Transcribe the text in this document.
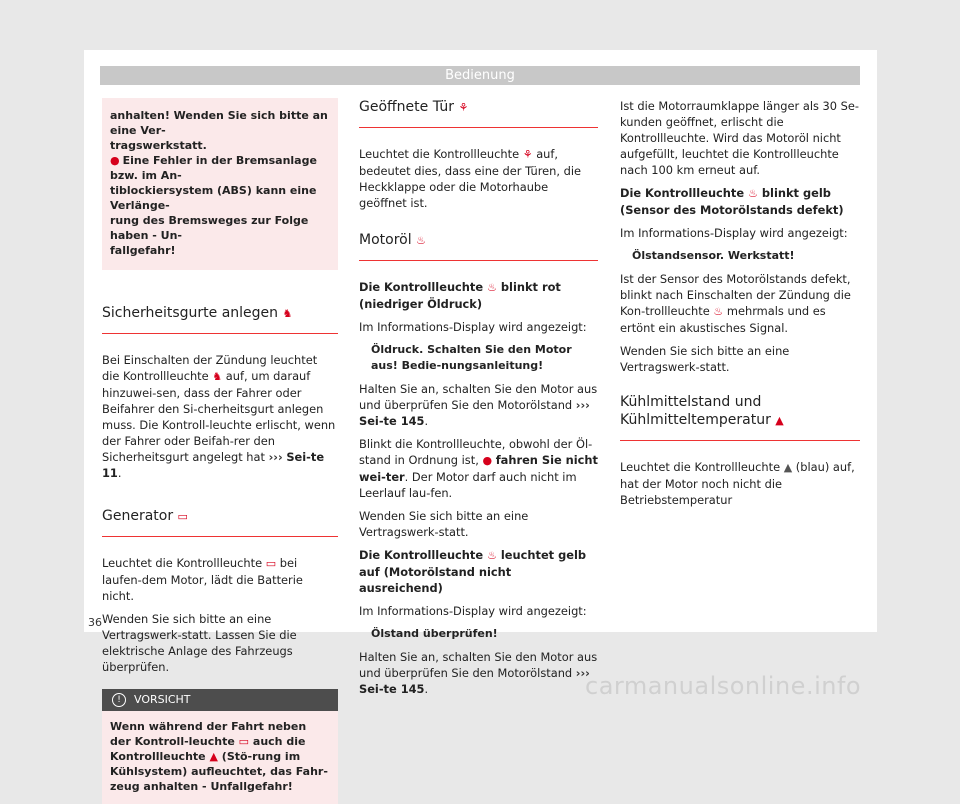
Bedienung
anhalten! Wenden Sie sich bitte an eine Ver-
tragswerkstatt.
● Eine Fehler in der Bremsanlage bzw. im An-
tiblockiersystem (ABS) kann eine Verlänge-
rung des Bremsweges zur Folge haben - Un-
fallgefahr!
Sicherheitsgurte anlegen ♞

Bei Einschalten der Zündung leuchtet die Kontrollleuchte ♞ auf, um darauf hinzuwei-sen, dass der Fahrer oder Beifahrer den Si-cherheitsgurt anlegen muss. Die Kontroll-leuchte erlischt, wenn der Fahrer oder Beifah-rer den Sicherheitsgurt angelegt hat ››› Sei-te 11.

Generator ▭

Leuchtet die Kontrollleuchte ▭ bei laufen-dem Motor, lädt die Batterie nicht.

Wenden Sie sich bitte an eine Vertragswerk-statt. Lassen Sie die elektrische Anlage des Fahrzeugs überprüfen.

! VORSICHT
Wenn während der Fahrt neben der Kontroll-leuchte ▭ auch die Kontrollleuchte ▲ (Stö-rung im Kühlsystem) aufleuchtet, das Fahr-zeug anhalten - Unfallgefahr!
Geöffnete Tür ⚘

Leuchtet die Kontrollleuchte ⚘ auf, bedeutet dies, dass eine der Türen, die Heckklappe oder die Motorhaube geöffnet ist.

Motoröl ♨

Die Kontrollleuchte ♨ blinkt rot (niedriger Öldruck)

Im Informations-Display wird angezeigt:

Öldruck. Schalten Sie den Motor aus! Bedie-nungsanleitung!

Halten Sie an, schalten Sie den Motor aus und überprüfen Sie den Motorölstand ››› Sei-te 145.

Blinkt die Kontrollleuchte, obwohl der Öl-stand in Ordnung ist, ● fahren Sie nicht wei-ter. Der Motor darf auch nicht im Leerlauf lau-fen.

Wenden Sie sich bitte an eine Vertragswerk-statt.

Die Kontrollleuchte ♨ leuchtet gelb auf (Motorölstand nicht ausreichend)

Im Informations-Display wird angezeigt:

Ölstand überprüfen!

Halten Sie an, schalten Sie den Motor aus und überprüfen Sie den Motorölstand ››› Sei-te 145.

Ist die Motorraumklappe länger als 30 Se-kunden geöffnet, erlischt die Kontrollleuchte. Wird das Motoröl nicht aufgefüllt, leuchtet die Kontrollleuchte nach 100 km erneut auf.

Die Kontrollleuchte ♨ blinkt gelb (Sensor des Motorölstands defekt)

Im Informations-Display wird angezeigt:

Ölstandsensor. Werkstatt!

Ist der Sensor des Motorölstands defekt, blinkt nach Einschalten der Zündung die Kon-trollleuchte ♨ mehrmals und es ertönt ein akustisches Signal.

Wenden Sie sich bitte an eine Vertragswerk-statt.

Kühlmittelstand und Kühlmitteltemperatur ▲

Leuchtet die Kontrollleuchte ▲ (blau) auf, hat der Motor noch nicht die Betriebstemperatur

36
carmanualsonline.info
